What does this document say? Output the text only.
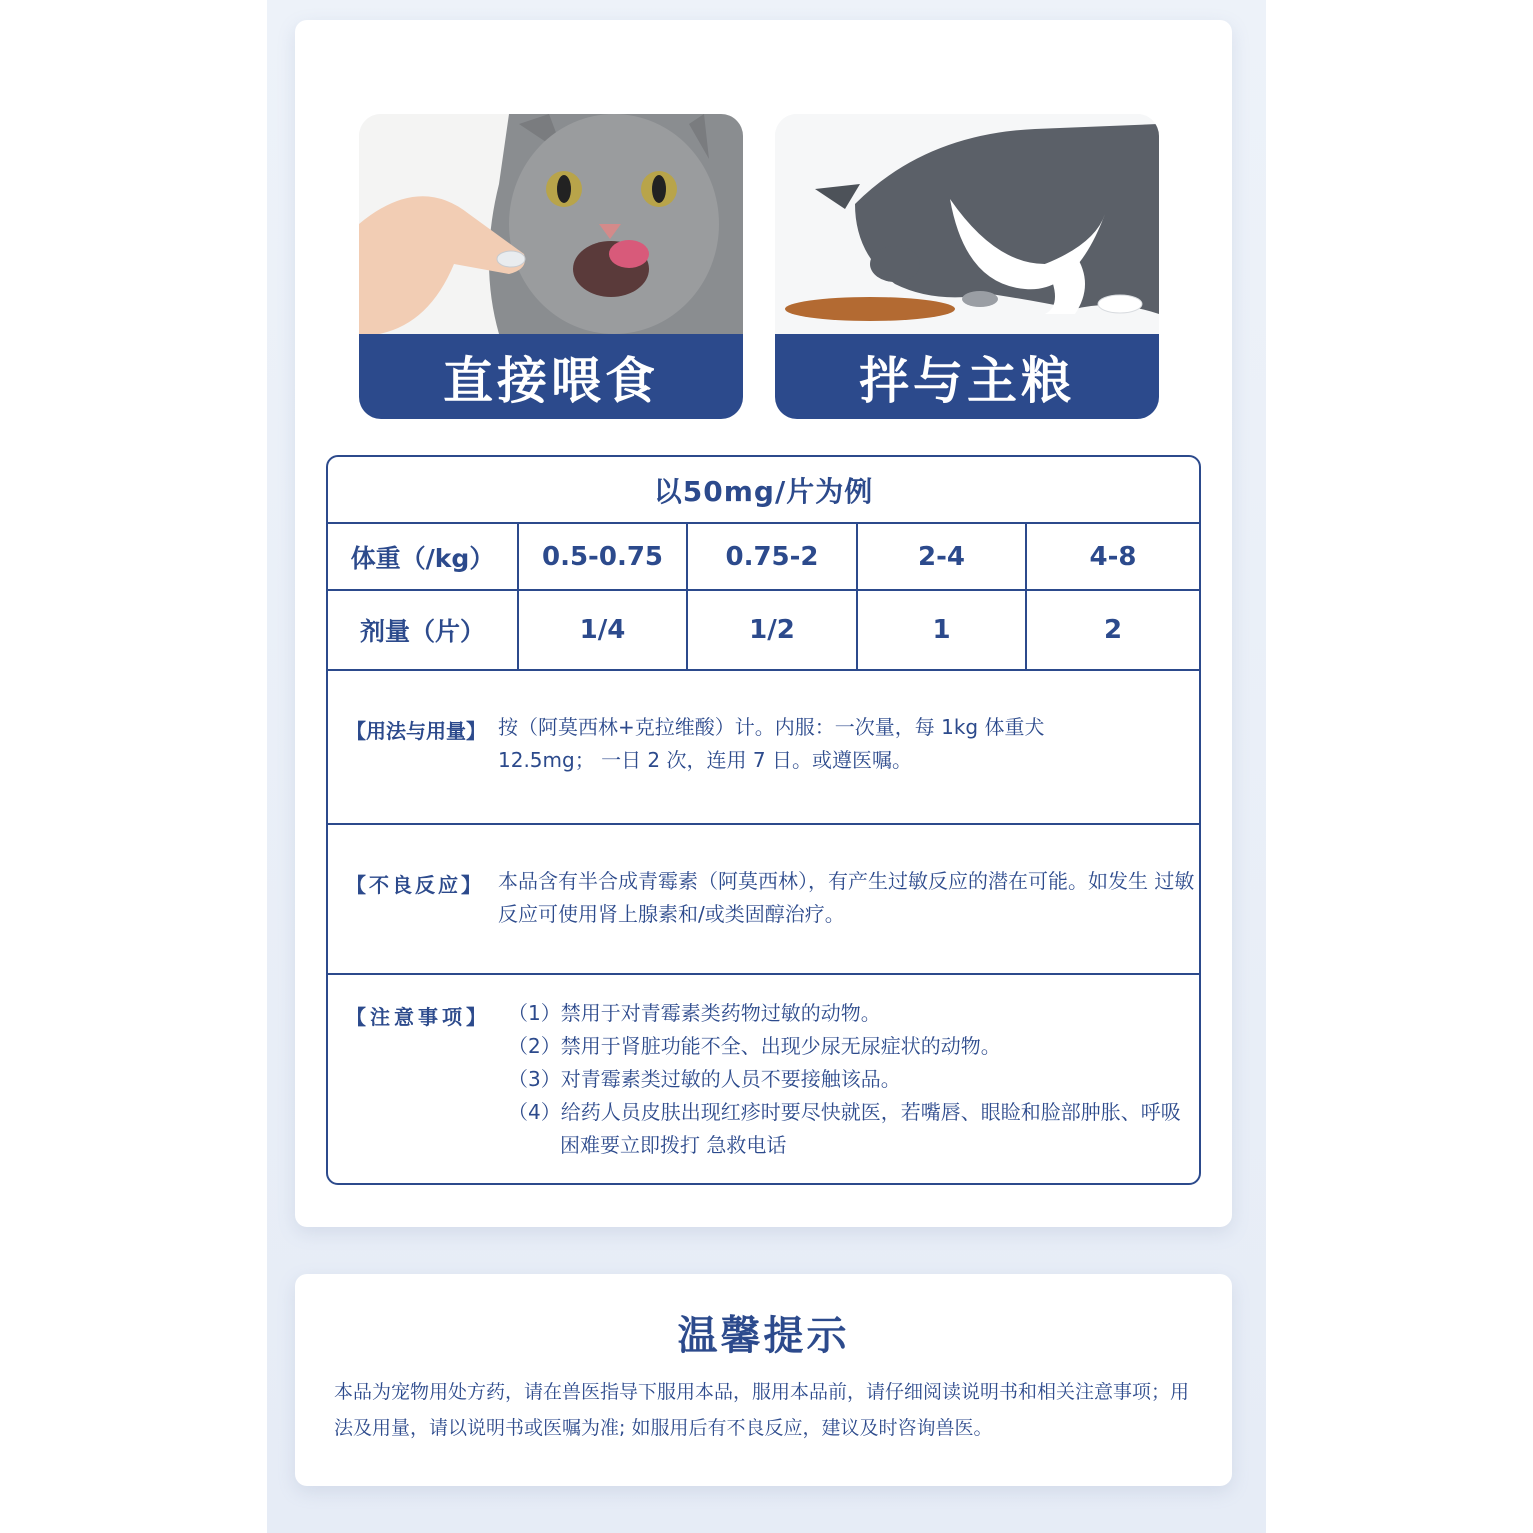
直接喂食	拌与主粮
以50mg/片为例
体重（/kg）	0.5-0.75	0.75-2	2-4	4-8
剂量（片）	1/4	1/2	1	2
【用法与用量】 按（阿莫西林+克拉维酸）计。内服：一次量，每 1kg 体重犬 12.5mg； 一日 2 次，连用 7 日。或遵医嘱。
【不良反应】 本品含有半合成青霉素（阿莫西林），有产生过敏反应的潜在可能。如发生 过敏反应可使用肾上腺素和/或类固醇治疗。
【注意事项】 （1）禁用于对青霉素类药物过敏的动物。
（2）禁用于肾脏功能不全、出现少尿无尿症状的动物。
（3）对青霉素类过敏的人员不要接触该品。
（4）给药人员皮肤出现红疹时要尽快就医，若嘴唇、眼睑和脸部肿胀、呼吸困难要立即拨打 急救电话
温馨提示
本品为宠物用处方药，请在兽医指导下服用本品，服用本品前，请仔细阅读说明书和相关注意事项；用法及用量，请以说明书或医嘱为准; 如服用后有不良反应，建议及时咨询兽医。
